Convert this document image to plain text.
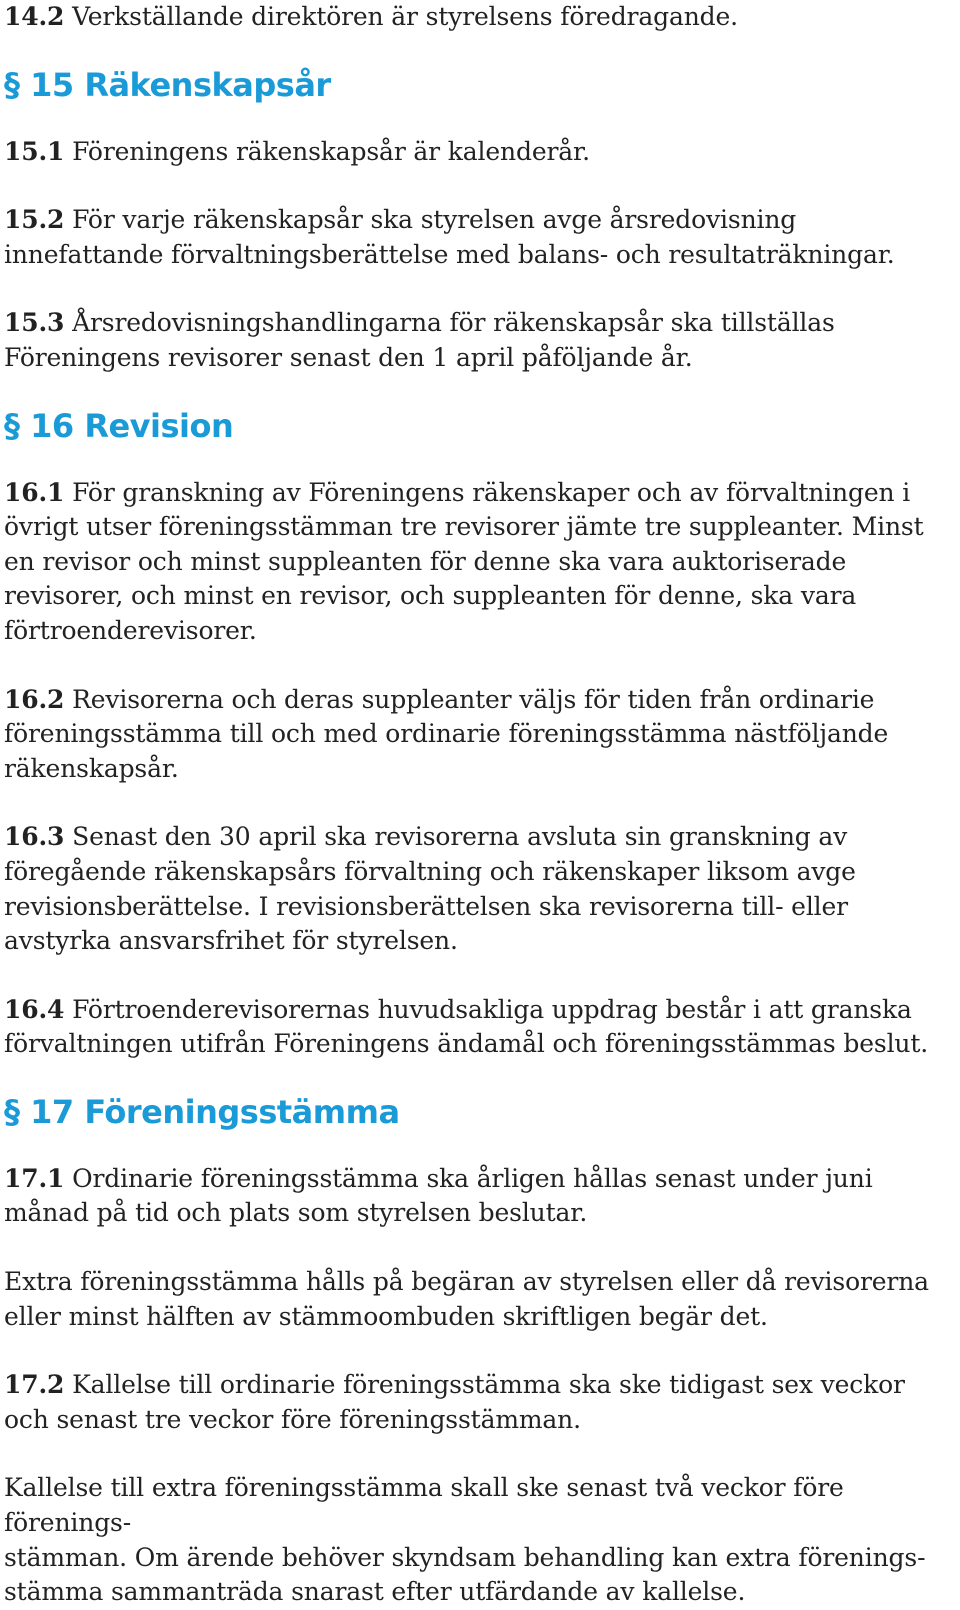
14.2 Verkställande direktören är styrelsens föredragande.

§ 15 Räkenskapsår

15.1 Föreningens räkenskapsår är kalenderår.

15.2 För varje räkenskapsår ska styrelsen avge årsredovisning innefattande förvaltningsberättelse med balans- och resultaträkningar.

15.3 Årsredovisningshandlingarna för räkenskapsår ska tillställas Föreningens revisorer senast den 1 april påföljande år.

§ 16 Revision

16.1 För granskning av Föreningens räkenskaper och av förvaltningen i övrigt utser föreningsstämman tre revisorer jämte tre suppleanter. Minst en revisor och minst suppleanten för denne ska vara auktoriserade revisorer, och minst en revisor, och suppleanten för denne, ska vara förtroenderevisorer.

16.2 Revisorerna och deras suppleanter väljs för tiden från ordinarie föreningsstämma till och med ordinarie föreningsstämma nästföljande räkenskapsår.

16.3 Senast den 30 april ska revisorerna avsluta sin granskning av föregående räkenskapsårs förvaltning och räkenskaper liksom avge revisionsberättelse. I revisionsberättelsen ska revisorerna till- eller avstyrka ansvarsfrihet för styrelsen.

16.4 Förtroenderevisorernas huvudsakliga uppdrag består i att granska förvaltningen utifrån Föreningens ändamål och föreningsstämmas beslut.

§ 17 Föreningsstämma

17.1 Ordinarie föreningsstämma ska årligen hållas senast under juni månad på tid och plats som styrelsen beslutar.

Extra föreningsstämma hålls på begäran av styrelsen eller då revisorerna eller minst hälften av stämmoombuden skriftligen begär det.

17.2 Kallelse till ordinarie föreningsstämma ska ske tidigast sex veckor och senast tre veckor före föreningsstämman.

Kallelse till extra föreningsstämma skall ske senast två veckor före förenings-
stämman. Om ärende behöver skyndsam behandling kan extra förenings-
stämma sammanträda snarast efter utfärdande av kallelse.
